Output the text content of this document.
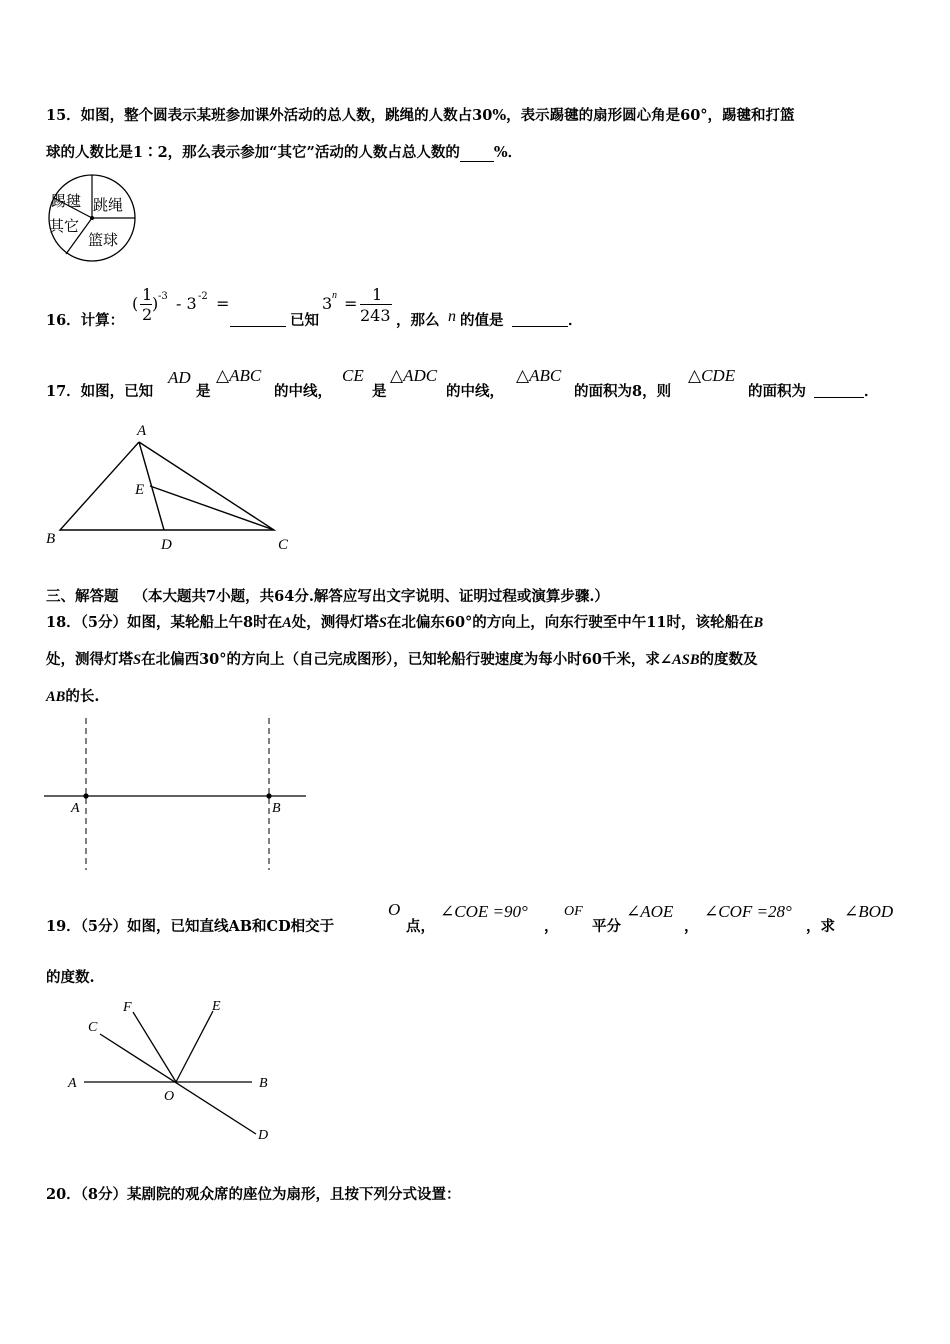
15．如图，整个圆表示某班参加课外活动的总人数，跳绳的人数占30%，表示踢毽的扇形圆心角是60°，踢毽和打篮
球的人数比是1∶2，那么表示参加“其它”活动的人数占总人数的 %．
踢毽 跳绳
其它
篮球
16．计算：
( 1
2
) -3 - 3 -2 =
已知
3 n = 1
243 ，那么 n 的值是	．
17．如图，已知
AD
是
△ABC
的中线，
CE
是
△ADC
的中线，
△ABC
的面积为8，则
△CDE
的面积为	．
A
E
B	D	C
三、解答题 （本大题共7小题，共64分.解答应写出文字说明、证明过程或演算步骤.）
18．（5分）如图，某轮船上午8时在A处，测得灯塔S在北偏东60°的方向上，向东行驶至中午11时，该轮船在B
处，测得灯塔S在北偏西30°的方向上（自己完成图形），已知轮船行驶速度为每小时60千米，求∠ASB的度数及
AB的长.
A	B
19．（5分）如图，已知直线AB和CD相交于
O
点，
∠COE =90°
，
OF
平分
∠AOE
，
∠COF =28°
，求
∠BOD
的度数.
F	E
C
A	B
O
D
20．（8分）某剧院的观众席的座位为扇形，且按下列分式设置：
